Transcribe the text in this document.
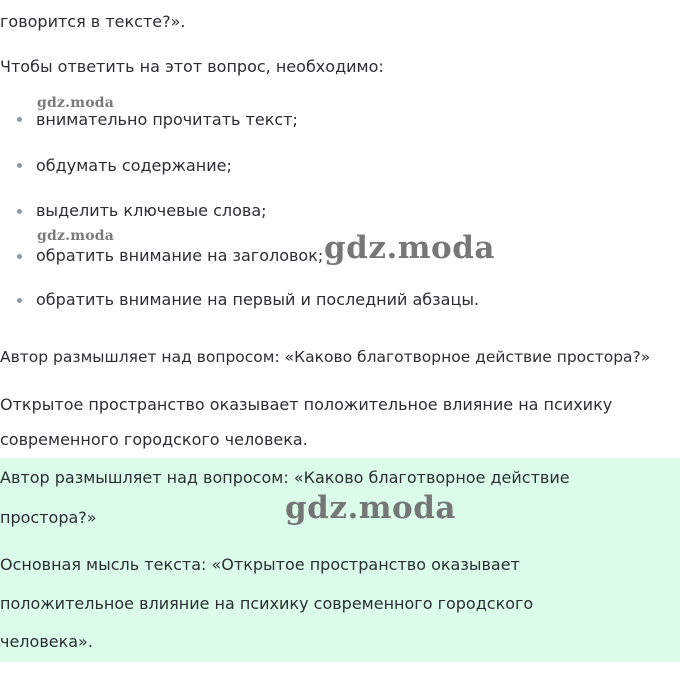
говорится в тексте?».
Чтобы ответить на этот вопрос, необходимо:
внимательно прочитать текст;
обдумать содержание;
выделить ключевые слова;
обратить внимание на заголовок;
обратить внимание на первый и последний абзацы.
Автор размышляет над вопросом: «Каково благотворное действие простора?»
Открытое пространство оказывает положительное влияние на психику
современного городского человека.
Автор размышляет над вопросом: «Каково благотворное действие
простора?»
Основная мысль текста: «Открытое пространство оказывает
положительное влияние на психику современного городского
человека».
gdz.moda
gdz.moda	gdz.moda
gdz.moda
